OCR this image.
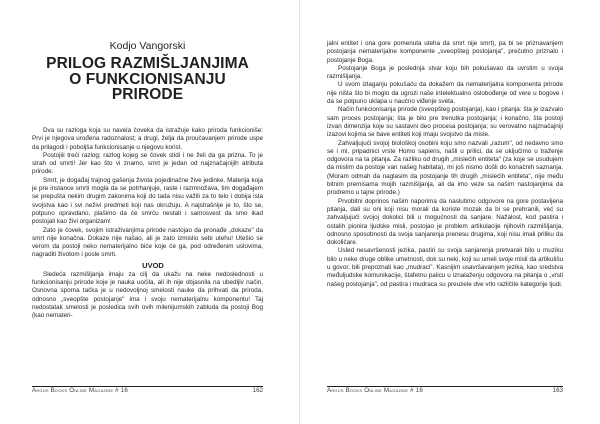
Kodjo Vangorski
PRILOG RAZMIŠLJANJIMA
O FUNKCIONISANJU
PRIRODE

Dva su razloga koja su navela čoveka da istražuje kako priroda funkcioniše: Prvi je njegova urođena radoznalost; a drugi, želja da proučavanjem prirode uspe da prilagodi i poboljša funkcionisanje u njegovu korist.

Postojiii treći razlog; razlog kojeg se čovek stidi i ne želi da ga prizna. To je strah od smrti! Jer kao što vi znamo, smrt je jedan od najznačajnijih atributa prirode.

Smrt, je događaj trajnog gašenja života pojedinačne žive jedinke. Materija koja je pre instance smrti mogla da se potrhanjuje, raste i razmnožava, tim događajem se prepušta nekim drugim zakonima koji do tada nisu važili za to telo i dobija ista svojstva kao i svi neživi predmeti koji nas okružuju. A najstrašnije je to, što se, potpuno opravdano, plašimo da će smrću nestati i samosvest da smo ikad postojali kao živi organizam!

Zato je čovek, svojim istraživanjima prirode nastojao da pronađe „dokaze" da smrt nije konačna. Dokaze nije našao, ali je zato izmislio sebi utehu! Utešio se verom da postoji neko nematerijalno biće koje će ga, pod određenim uslovima, nagraditi životom i posle smrti.

UVOD

Sledeća razmišljanja imaju za cilj da ukažu na neke nedoslednosti u funkcionisanju prirode koje je nauka uočila, ali ih nije objasnila na ubedljiv način. Osnovna sporna tačka je u nedovoljnoj smelosti nauke da prihvati da priroda, odnosno „sveopšte postojanje" ima i svoju nematerijalnu komponentu! Taj nedostatak smelosti je posledica svih ovih milenijumskih zabluda da postoji Bog (kao nemateri-

Argus Books Online Magazine # 16	162

jalni entitet i ona gore pomenuta uteha da smrt nije smrt), pa bi se priznavanjem postojanja nematerijalne komponente „sveopšteg postojanja", prečutno priznalo i postojanje Boga.

Postojanje Boga je poslednja stvar koju bih pokušavao da uvrstim u svoja razmišljanja.

U svom izlaganju pokušaću da dokažem da nematerijalna komponenta prirode nije ništa što bi moglo da ugrozi naše intelektualno oslobođenje od vere u bogove i da se potpuno uklapa u naučno viđenje sveta.

Način funkcionisanja prirode (sveopšteg postojanja), kao i pitanja: šta je izazvalo sam proces postojanja; šta je bilo pre trenutka postojanja; i konačno, šta postoji izvan dimenzija koje su sastavni deo procesa postojanja; su verovatno najznačajniji izazovi kojima se bave entiteti koji imaju svojstvo da misle.

Zahvaljujući svojoj biološkoj osobini koju smo nazvali „razum", od nedavno smo se i mi, pripadnici vrste Homo sapiens, našli u prilici, da se uključimo u traženje odgovora na ta pitanja. Za razliku od drugih „mislećih entiteta" (za koje se usudujem da mislim da postoje van našeg habitata), mi još nismo došli do konačnih saznanja. (Moram odmah da naglasim da postojanje tih drugih „mislećih entiteta", nije među bitnim premisama mojih razmišljanja, ali da imo veze sa našim nastojanjima da prodremo u tajne prirode.)

Prvobitni doprinos našim naporima da naslutimo odgovore na gore postavljena pitanja, dali su oni koji nisu morali da koriste mozak da bi se prehranili, već su zahvaljujući svojoj dokolici bili u mogućnosti da sanjare. Nažalost, kod pastira i ostalih pionira ljudske misli, postojao je problem artikulacije njihovih razmišljanja, odnosno sposobnosti da svoja sanjarenja prenesu drugima, koji nisu imali priliku da dokoličare.

Usled nesavršenosti jezika, pastiri su svoja sanjarenja pretvarali bilo u muziku bilo u neke druge oblike umetnosti, dok su neki, koji su umeli svoje misli da artikulišu u govor, bili prepoznati kao „mudraci". Kasnijim usavršavanjem jezika, kao sredstva međuljudske komunikacije, štafetnu palicu u iznalaženju odgovora na pitanja o „vrsti našeg postojanja", od pastira i mudraca su preuzele dve vrlo različite kategorije ljudi.

Argus Books Online Magazine # 16	163
